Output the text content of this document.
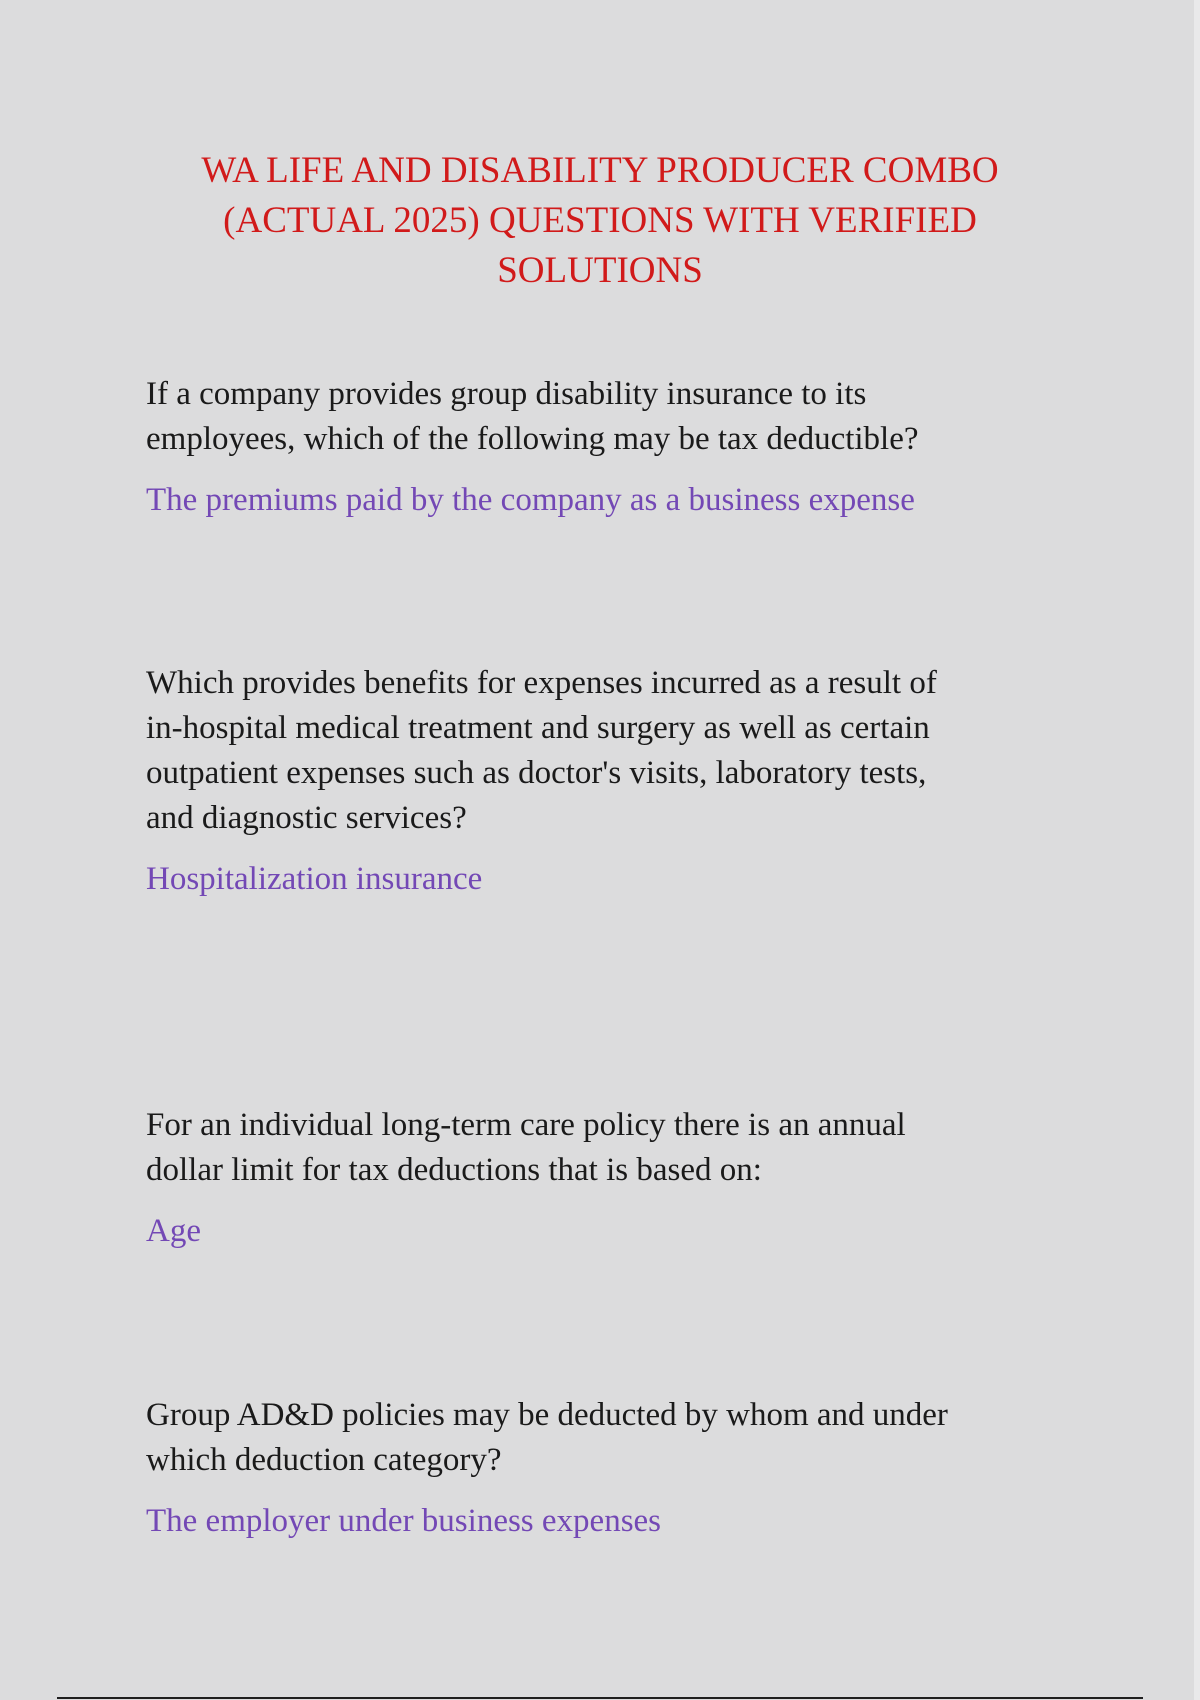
WA LIFE AND DISABILITY PRODUCER COMBO
(ACTUAL 2025) QUESTIONS WITH VERIFIED
SOLUTIONS

If a company provides group disability insurance to its
employees, which of the following may be tax deductible?

The premiums paid by the company as a business expense

Which provides benefits for expenses incurred as a result of
in-hospital medical treatment and surgery as well as certain
outpatient expenses such as doctor's visits, laboratory tests,
and diagnostic services?

Hospitalization insurance

For an individual long-term care policy there is an annual
dollar limit for tax deductions that is based on:

Age

Group AD&D policies may be deducted by whom and under
which deduction category?

The employer under business expenses
